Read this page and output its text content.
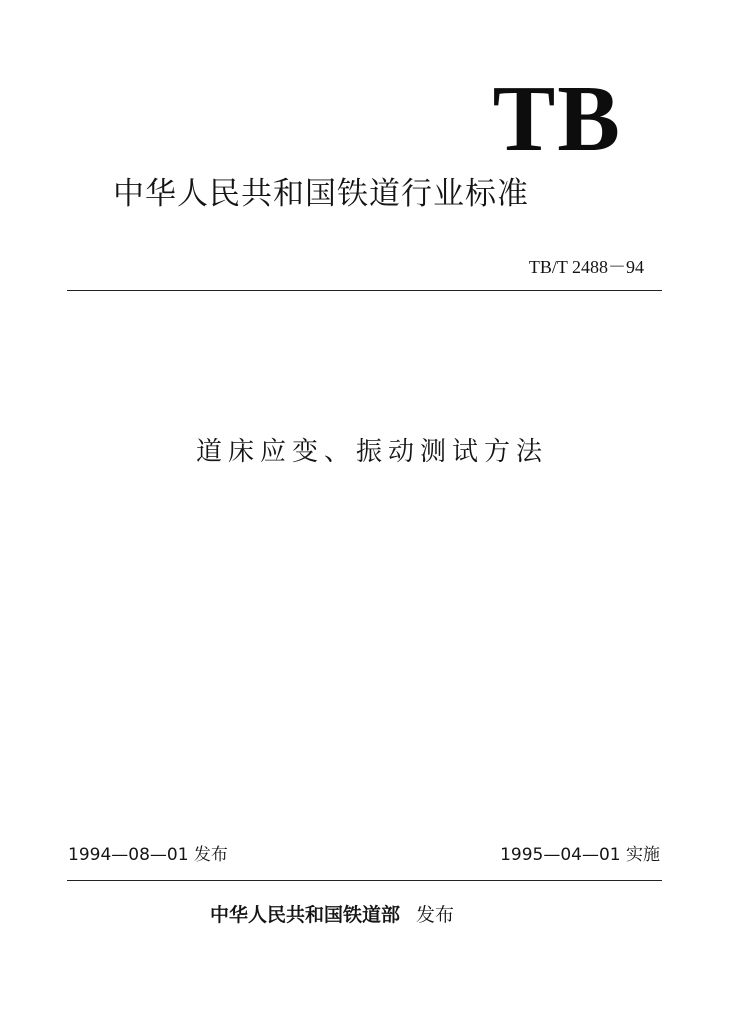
TB
中华人民共和国铁道行业标准
TB/T 2488－94
道床应变、振动测试方法
1994—08—01 发布	1995—04—01 实施
中华人民共和国铁道部 发布
